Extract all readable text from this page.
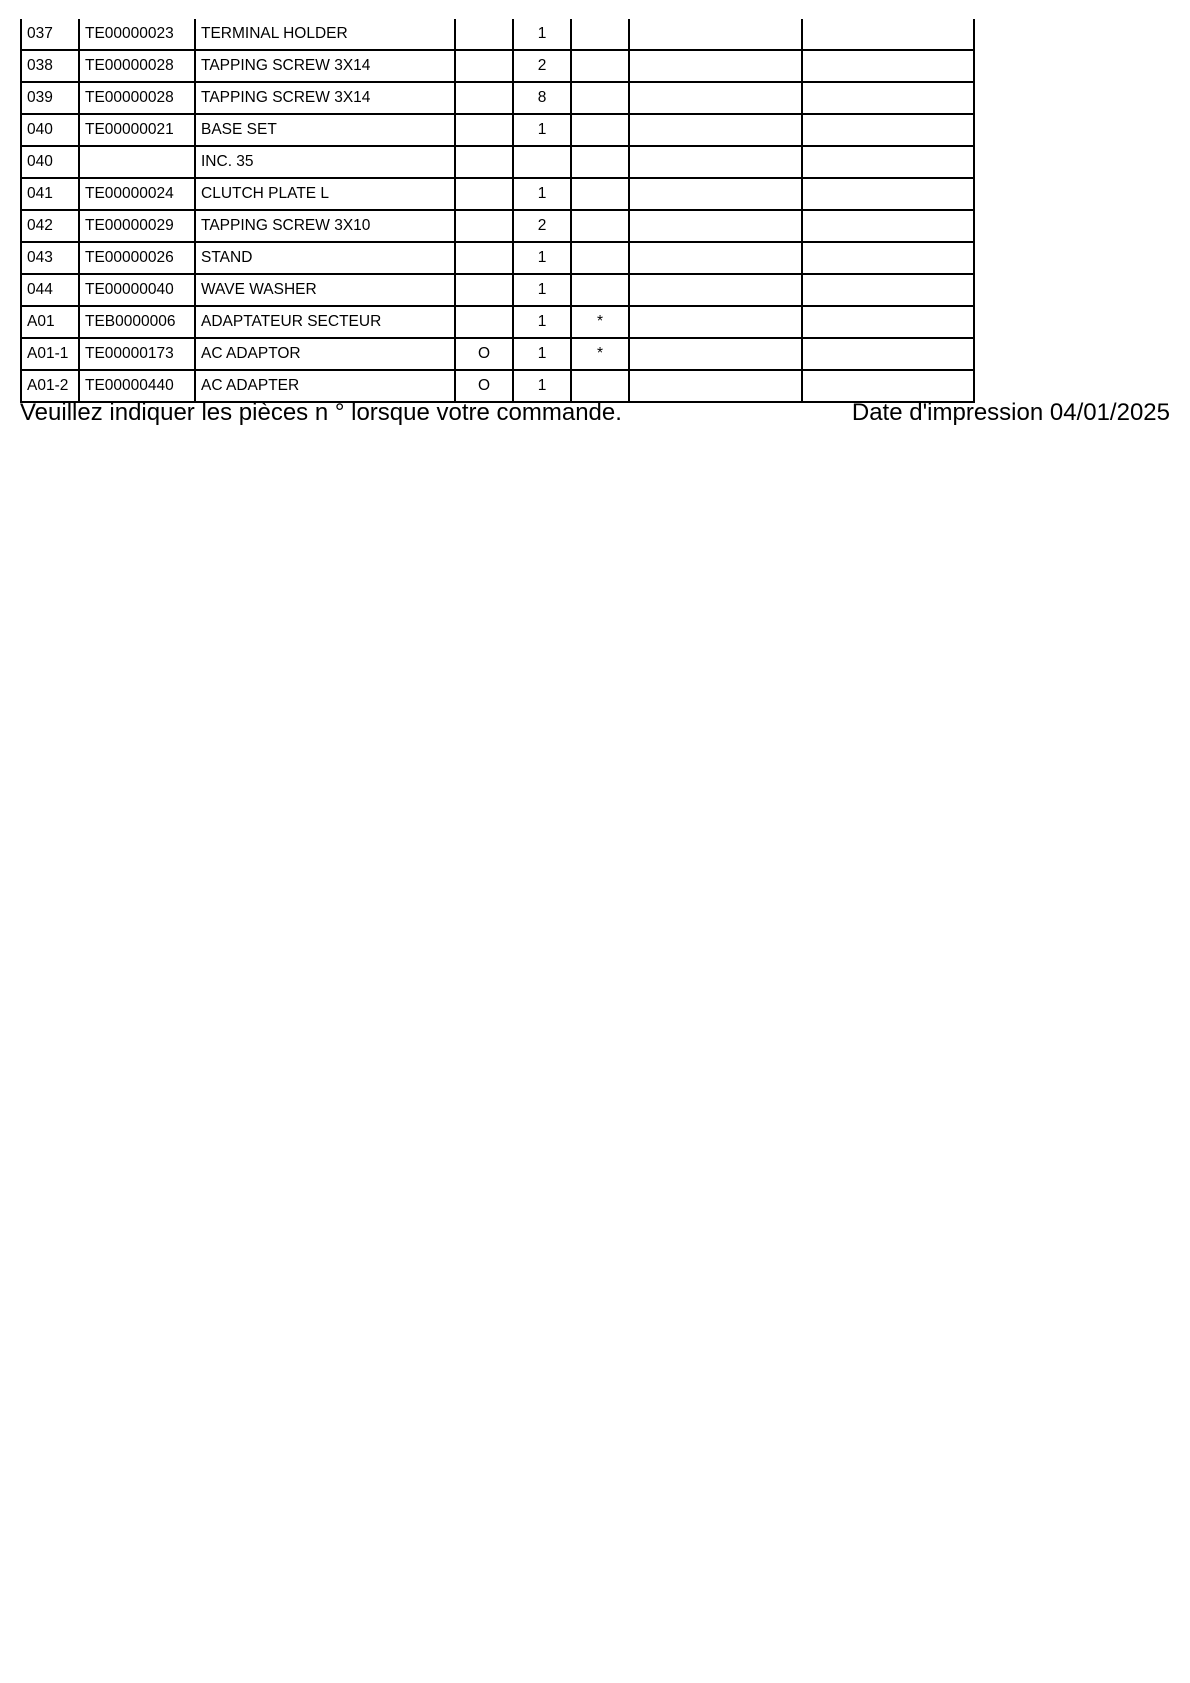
037	TE00000023	TERMINAL HOLDER		1			
038	TE00000028	TAPPING SCREW 3X14		2			
039	TE00000028	TAPPING SCREW 3X14		8			
040	TE00000021	BASE SET		1			
040		INC. 35					
041	TE00000024	CLUTCH PLATE L		1			
042	TE00000029	TAPPING SCREW 3X10		2			
043	TE00000026	STAND		1			
044	TE00000040	WAVE WASHER		1			
A01	TEB0000006	ADAPTATEUR SECTEUR		1	*		
A01-1	TE00000173	AC ADAPTOR	O	1	*		
A01-2	TE00000440	AC ADAPTER	O	1			
Veuillez indiquer les pièces n ° lorsque votre commande.	Date d'impression 04/01/2025
